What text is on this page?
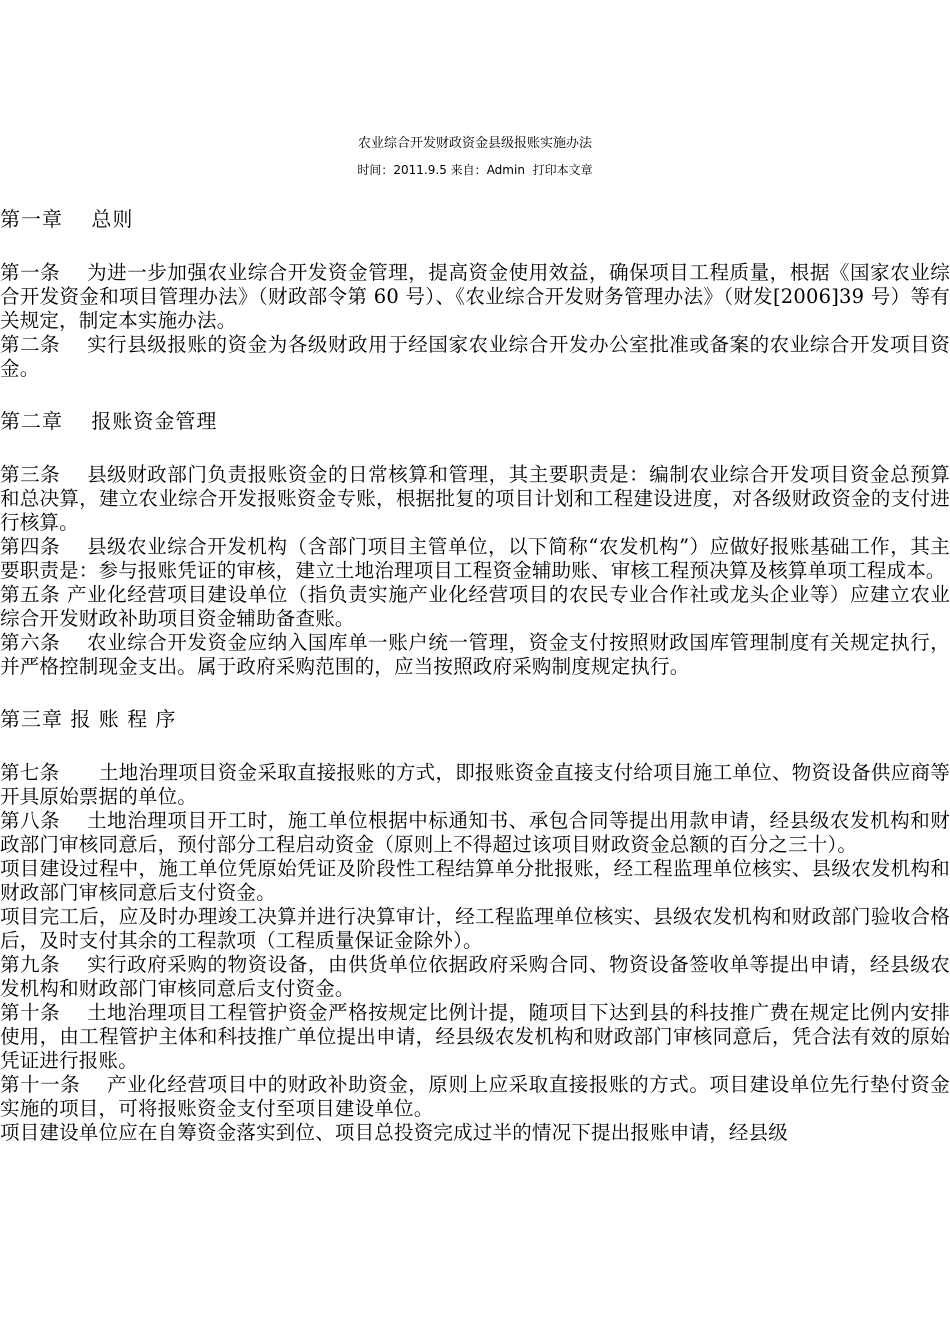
农业综合开发财政资金县级报账实施办法
时间：2011.9.5 来自：Admin 打印本文章
第一章　 总则

第一条　 为进一步加强农业综合开发资金管理，提高资金使用效益，确保项目工程质量，根据《国家农业综合开发资金和项目管理办法》（财政部令第 60 号）、《农业综合开发财务管理办法》（财发[2006]39 号）等有关规定，制定本实施办法。

第二条　 实行县级报账的资金为各级财政用于经国家农业综合开发办公室批准或备案的农业综合开发项目资金。

第二章　 报账资金管理

第三条　 县级财政部门负责报账资金的日常核算和管理，其主要职责是：编制农业综合开发项目资金总预算和总决算，建立农业综合开发报账资金专账，根据批复的项目计划和工程建设进度，对各级财政资金的支付进行核算。

第四条　 县级农业综合开发机构（含部门项目主管单位，以下简称“农发机构”）应做好报账基础工作，其主要职责是：参与报账凭证的审核，建立土地治理项目工程资金辅助账、审核工程预决算及核算单项工程成本。

第五条 产业化经营项目建设单位（指负责实施产业化经营项目的农民专业合作社或龙头企业等）应建立农业综合开发财政补助项目资金辅助备查账。

第六条　 农业综合开发资金应纳入国库单一账户统一管理，资金支付按照财政国库管理制度有关规定执行，并严格控制现金支出。属于政府采购范围的，应当按照政府采购制度规定执行。

第三章 报 账 程 序

第七条　　土地治理项目资金采取直接报账的方式，即报账资金直接支付给项目施工单位、物资设备供应商等开具原始票据的单位。

第八条　 土地治理项目开工时，施工单位根据中标通知书、承包合同等提出用款申请，经县级农发机构和财政部门审核同意后，预付部分工程启动资金（原则上不得超过该项目财政资金总额的百分之三十）。

项目建设过程中，施工单位凭原始凭证及阶段性工程结算单分批报账，经工程监理单位核实、县级农发机构和财政部门审核同意后支付资金。

项目完工后，应及时办理竣工决算并进行决算审计，经工程监理单位核实、县级农发机构和财政部门验收合格后，及时支付其余的工程款项（工程质量保证金除外）。

第九条　 实行政府采购的物资设备，由供货单位依据政府采购合同、物资设备签收单等提出申请，经县级农发机构和财政部门审核同意后支付资金。

第十条　 土地治理项目工程管护资金严格按规定比例计提，随项目下达到县的科技推广费在规定比例内安排使用，由工程管护主体和科技推广单位提出申请，经县级农发机构和财政部门审核同意后，凭合法有效的原始凭证进行报账。

第十一条　 产业化经营项目中的财政补助资金，原则上应采取直接报账的方式。项目建设单位先行垫付资金实施的项目，可将报账资金支付至项目建设单位。

项目建设单位应在自筹资金落实到位、项目总投资完成过半的情况下提出报账申请，经县级
